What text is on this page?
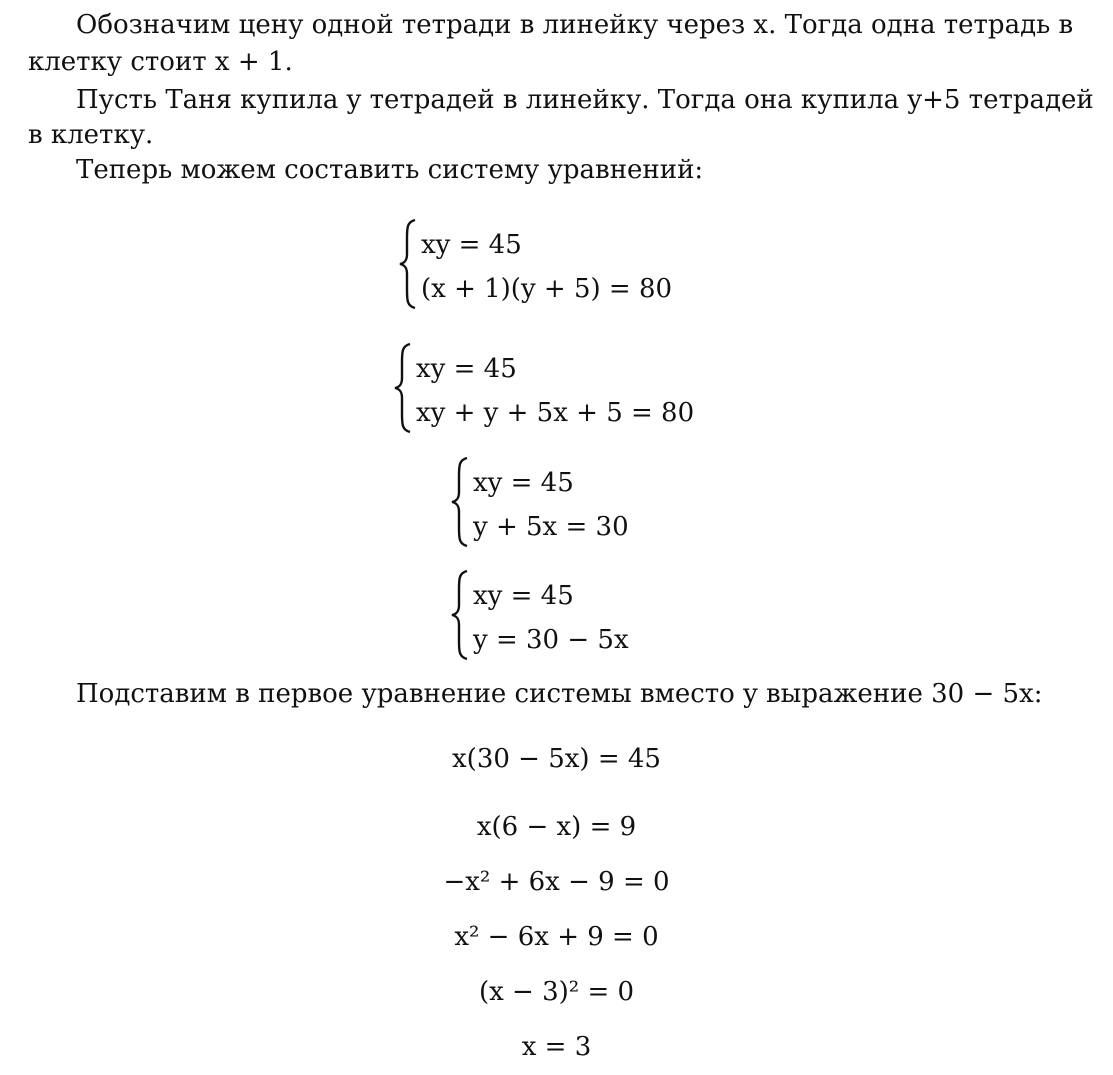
Обозначим цену одной тетради в линейку через x. Тогда одна тетрадь в
клетку стоит x + 1.
Пусть Таня купила y тетрадей в линейку. Тогда она купила y+5 тетрадей
в клетку.
Теперь можем составить систему уравнений:
xy = 45
(x + 1)(y + 5) = 80
xy = 45
xy + y + 5x + 5 = 80
xy = 45
y + 5x = 30
xy = 45
y = 30 − 5x
Подставим в первое уравнение системы вместо y выражение 30 − 5x:
x(30 − 5x) = 45
x(6 − x) = 9
−x² + 6x − 9 = 0
x² − 6x + 9 = 0
(x − 3)² = 0
x = 3
